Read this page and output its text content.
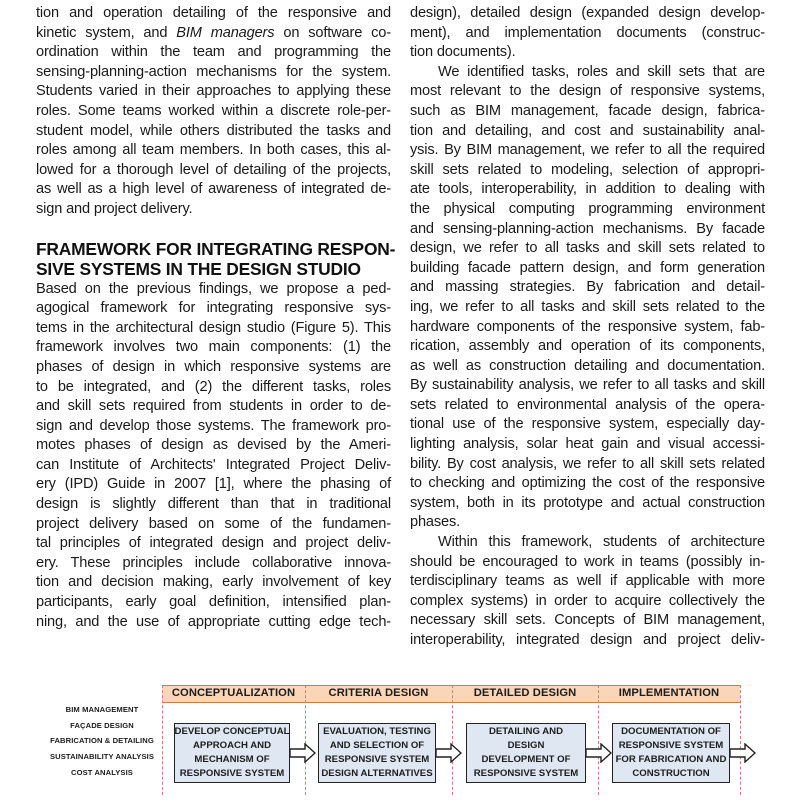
tion and operation detailing of the responsive and
kinetic system, and BIM managers on software co-
ordination within the team and programming the
sensing-planning-action mechanisms for the system.
Students varied in their approaches to applying these
roles. Some teams worked within a discrete role-per-
student model, while others distributed the tasks and
roles among all team members. In both cases, this al-
lowed for a thorough level of detailing of the projects,
as well as a high level of awareness of integrated de-
sign and project delivery.
FRAMEWORK FOR INTEGRATING RESPON-
SIVE SYSTEMS IN THE DESIGN STUDIO
Based on the previous findings, we propose a ped-
agogical framework for integrating responsive sys-
tems in the architectural design studio (Figure 5). This
framework involves two main components: (1) the
phases of design in which responsive systems are
to be integrated, and (2) the different tasks, roles
and skill sets required from students in order to de-
sign and develop those systems. The framework pro-
motes phases of design as devised by the Ameri-
can Institute of Architects' Integrated Project Deliv-
ery (IPD) Guide in 2007 [1], where the phasing of
design is slightly different than that in traditional
project delivery based on some of the fundamen-
tal principles of integrated design and project deliv-
ery. These principles include collaborative innova-
tion and decision making, early involvement of key
participants, early goal definition, intensified plan-
ning, and the use of appropriate cutting edge tech-
design), detailed design (expanded design develop-
ment), and implementation documents (construc-
tion documents).
We identified tasks, roles and skill sets that are
most relevant to the design of responsive systems,
such as BIM management, facade design, fabrica-
tion and detailing, and cost and sustainability anal-
ysis. By BIM management, we refer to all the required
skill sets related to modeling, selection of appropri-
ate tools, interoperability, in addition to dealing with
the physical computing programming environment
and sensing-planning-action mechanisms. By facade
design, we refer to all tasks and skill sets related to
building facade pattern design, and form generation
and massing strategies. By fabrication and detail-
ing, we refer to all tasks and skill sets related to the
hardware components of the responsive system, fab-
rication, assembly and operation of its components,
as well as construction detailing and documentation.
By sustainability analysis, we refer to all tasks and skill
sets related to environmental analysis of the opera-
tional use of the responsive system, especially day-
lighting analysis, solar heat gain and visual accessi-
bility. By cost analysis, we refer to all skill sets related
to checking and optimizing the cost of the responsive
system, both in its prototype and actual construction
phases.
Within this framework, students of architecture
should be encouraged to work in teams (possibly in-
terdisciplinary teams as well if applicable with more
complex systems) in order to acquire collectively the
necessary skill sets. Concepts of BIM management,
interoperability, integrated design and project deliv-
BIM MANAGEMENT
FAÇADE DESIGN
FABRICATION & DETAILING
SUSTAINABILITY ANALYSIS
COST ANALYSIS
CONCEPTUALIZATION
DEVELOP CONCEPTUAL
APPROACH AND
MECHANISM OF
RESPONSIVE SYSTEM
CRITERIA DESIGN
EVALUATION, TESTING
AND SELECTION OF
RESPONSIVE SYSTEM
DESIGN ALTERNATIVES
DETAILED DESIGN
DETAILING AND
DESIGN
DEVELOPMENT OF
RESPONSIVE SYSTEM
IMPLEMENTATION
DOCUMENTATION OF
RESPONSIVE SYSTEM
FOR FABRICATION AND
CONSTRUCTION
